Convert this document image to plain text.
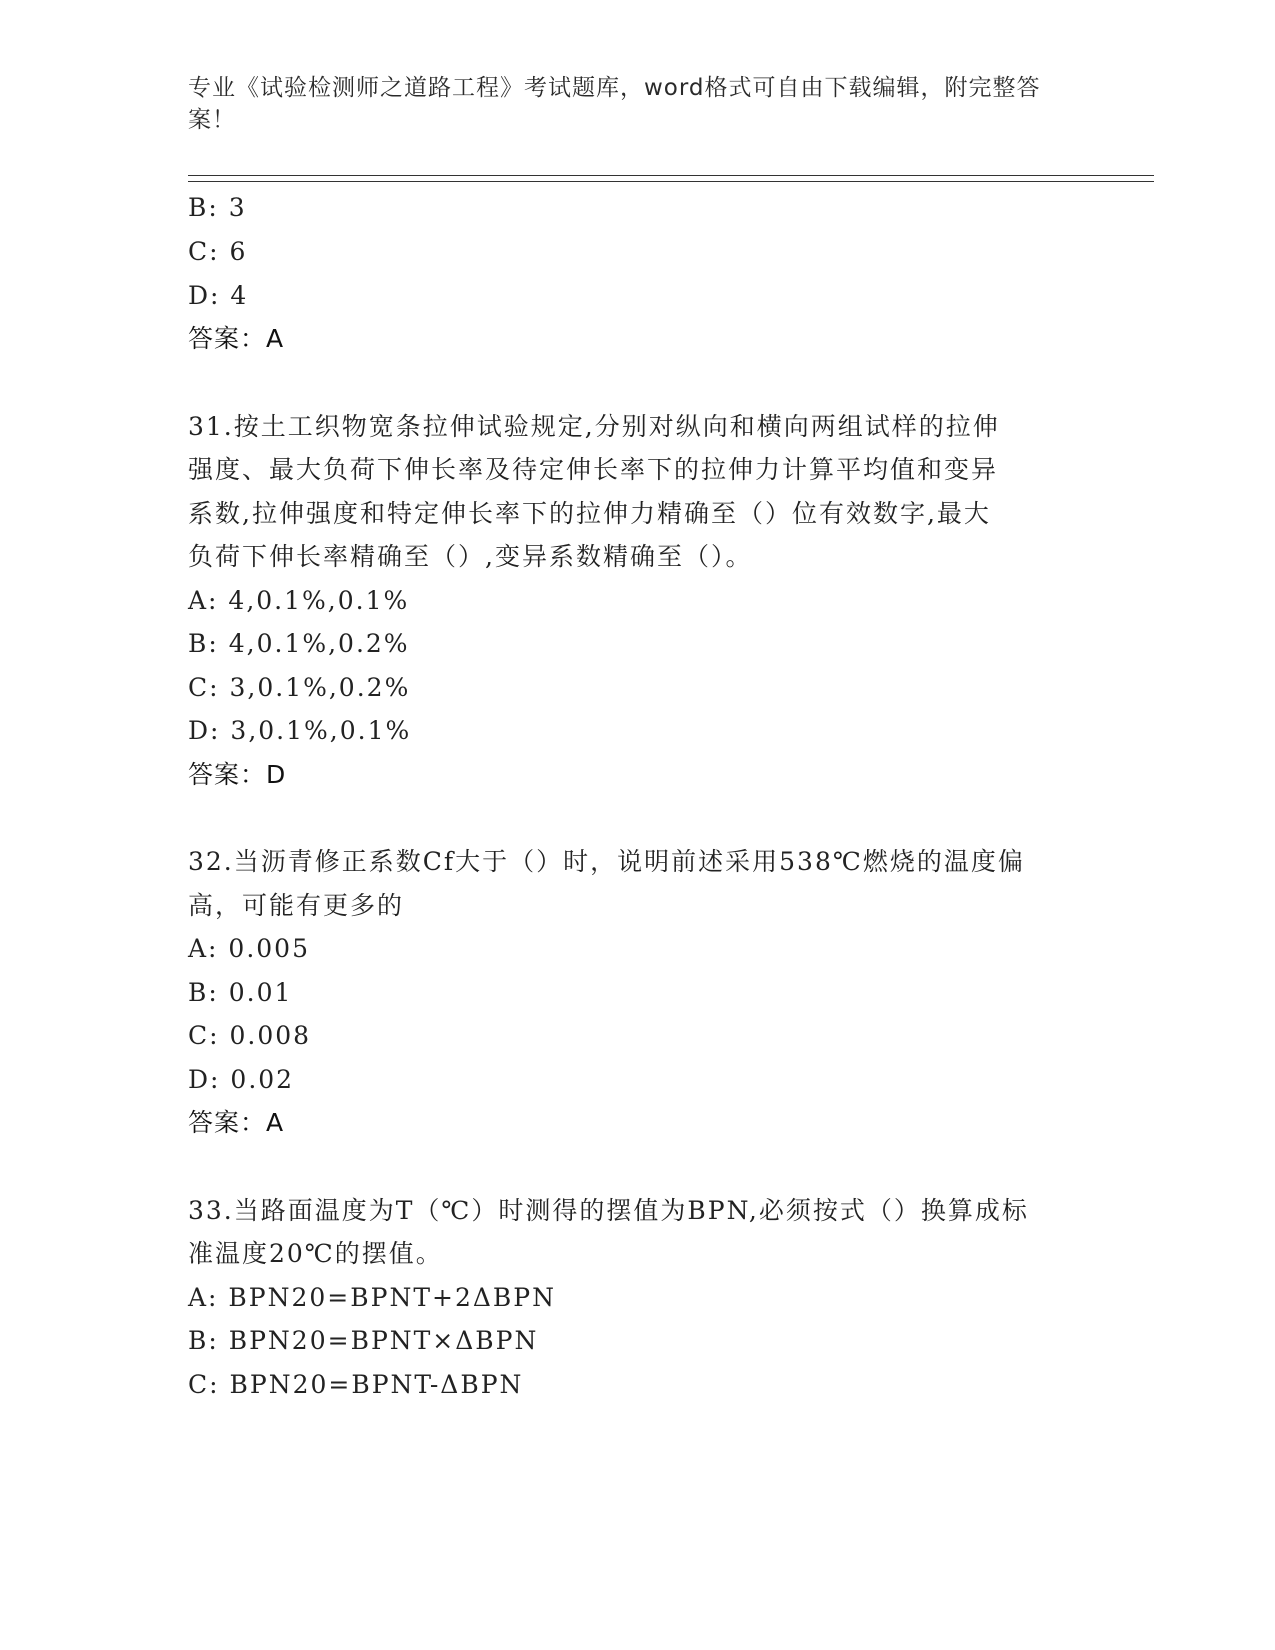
专业《试验检测师之道路工程》考试题库，word格式可自由下载编辑，附完整答案！
B: 3
C: 6
D: 4
答案：A
31.按土工织物宽条拉伸试验规定,分别对纵向和横向两组试样的拉伸
强度、最大负荷下伸长率及待定伸长率下的拉伸力计算平均值和变异
系数,拉伸强度和特定伸长率下的拉伸力精确至（）位有效数字,最大
负荷下伸长率精确至（）,变异系数精确至（）。
A: 4,0.1%,0.1%
B: 4,0.1%,0.2%
C: 3,0.1%,0.2%
D: 3,0.1%,0.1%
答案：D
32.当沥青修正系数Cf大于（）时，说明前述采用538℃燃烧的温度偏
高，可能有更多的
A: 0.005
B: 0.01
C: 0.008
D: 0.02
答案：A
33.当路面温度为T（℃）时测得的摆值为BPN,必须按式（）换算成标
准温度20℃的摆值。
A: BPN20=BPNT+2ΔBPN
B: BPN20=BPNT×ΔBPN
C: BPN20=BPNT-ΔBPN
